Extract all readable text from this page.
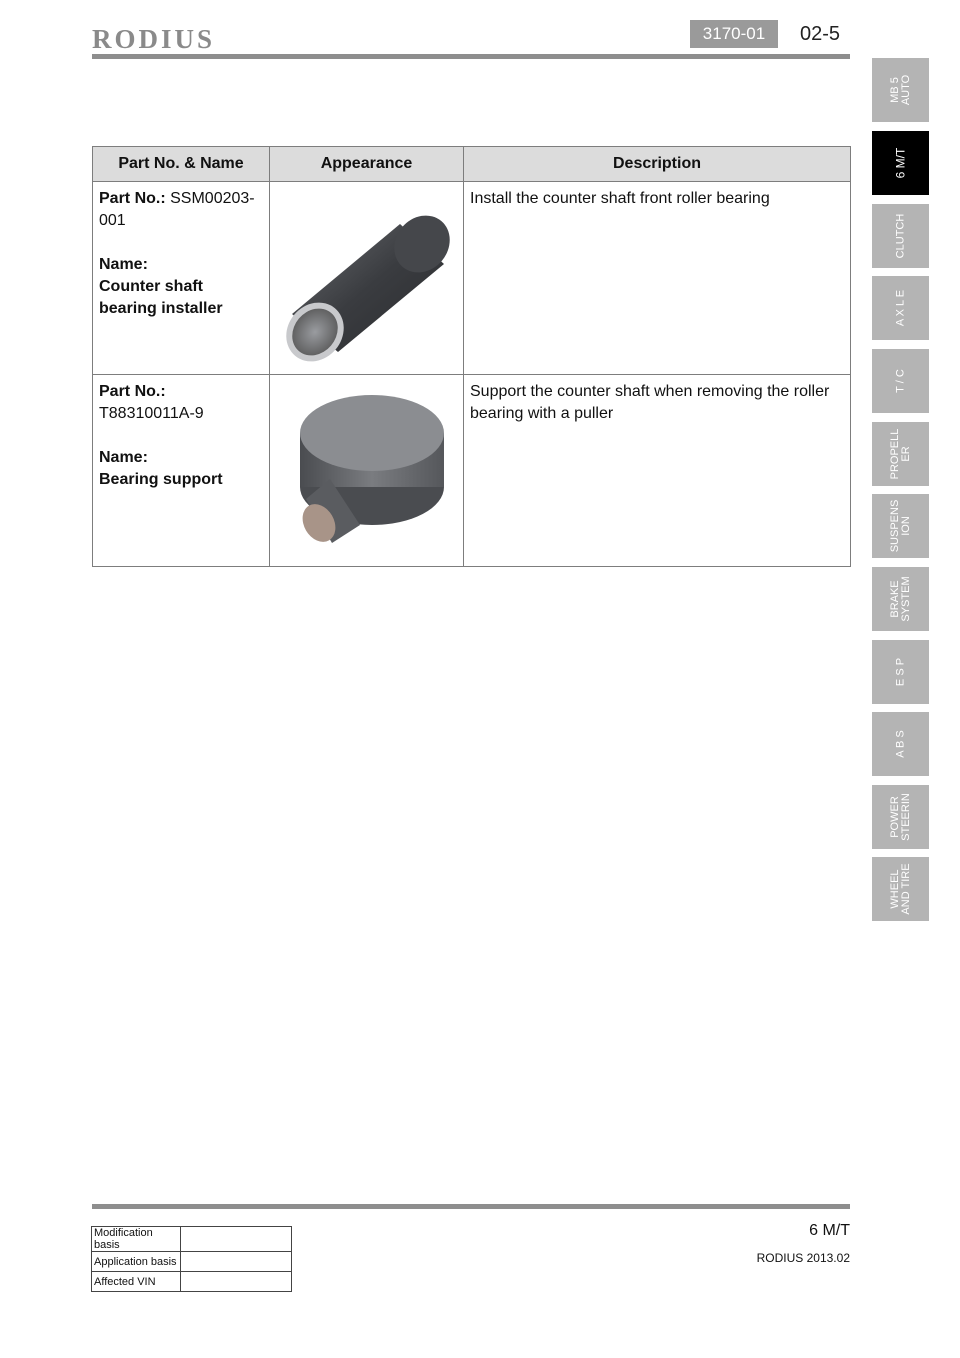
RODIUS	3170-01	02-5
Part No. & Name	Appearance	Description

Part No.: SSM00203-001
Name:
Counter shaft bearing installer		Install the counter shaft front roller bearing

Part No.:
T88310011A-9
Name:
Bearing support		Support the counter shaft when removing the roller bearing with a puller
Modification basis	
Application basis	
Affected VIN	
6 M/T
RODIUS 2013.02
MB 5
AUTO
6 M/T
CLUTCH
A X L E
T / C
PROPELL
ER
SUSPENS
ION
BRAKE
SYSTEM
E S P
A B S
POWER
STEERIN
WHEEL
AND TIRE
